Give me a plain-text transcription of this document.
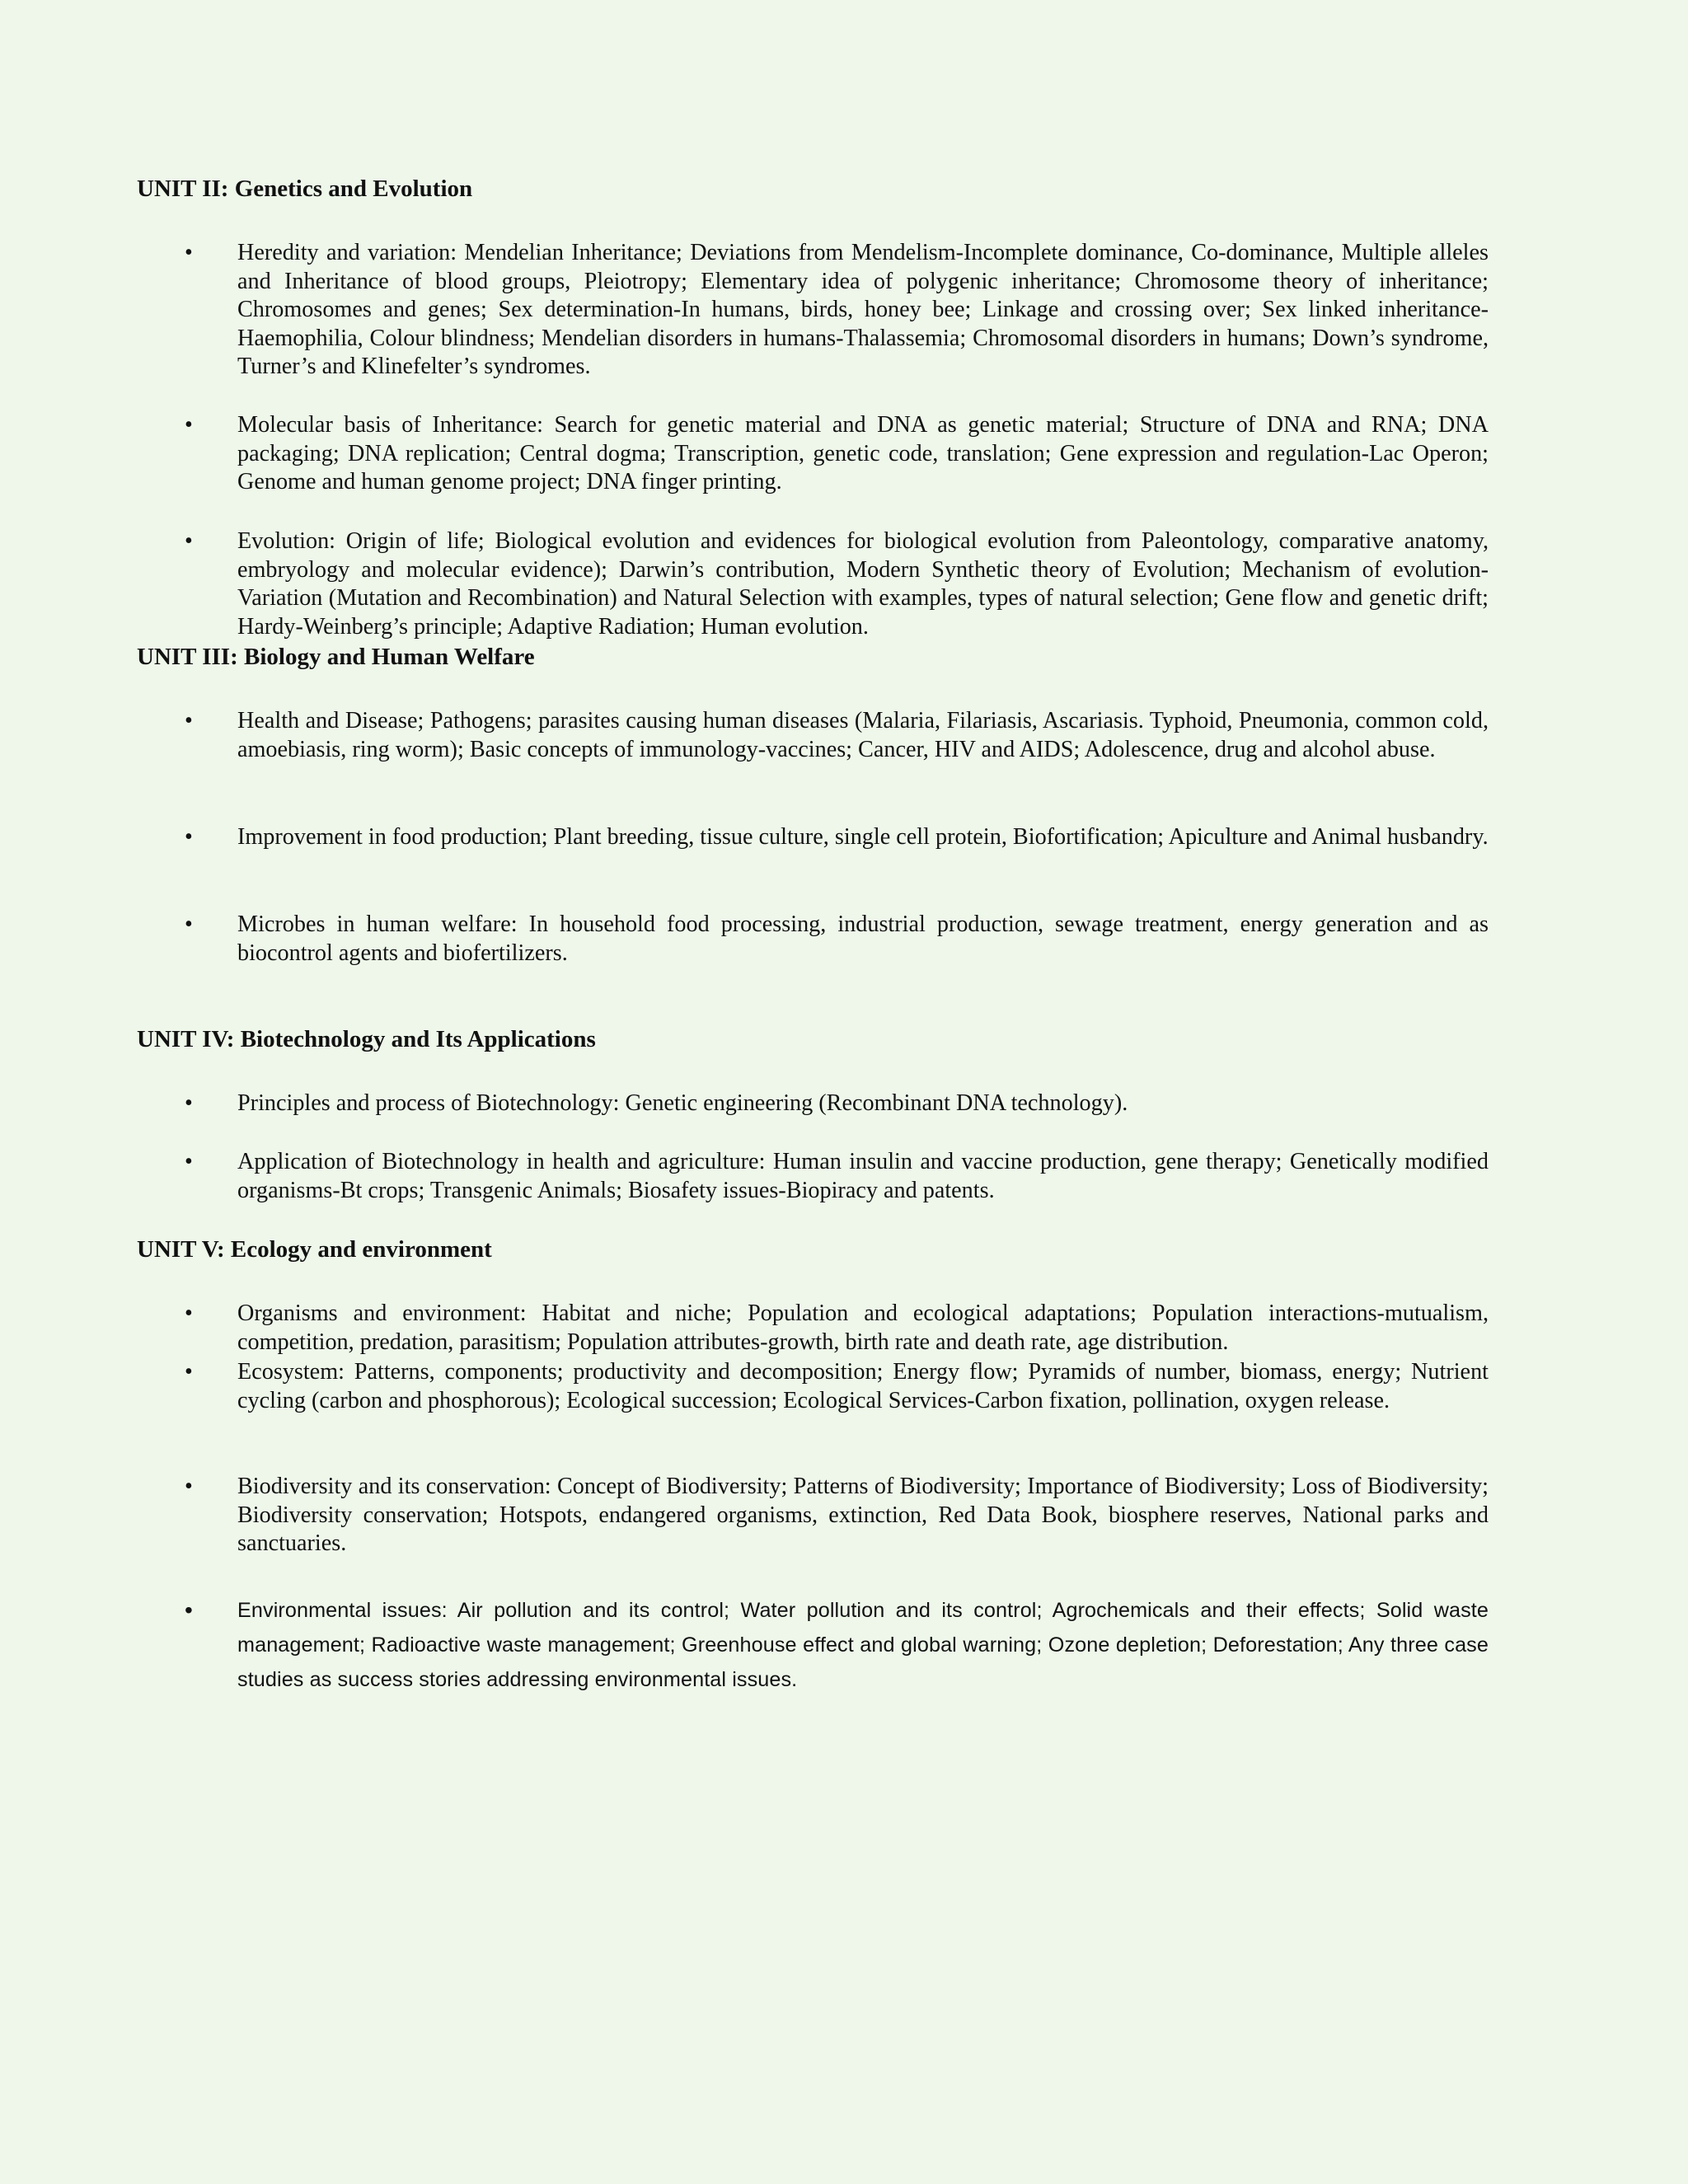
UNIT II: Genetics and Evolution
• Heredity and variation: Mendelian Inheritance; Deviations from Mendelism-Incomplete dominance, Co-dominance, Multiple alleles and Inheritance of blood groups, Pleiotropy; Elementary idea of polygenic inheritance; Chromosome theory of inheritance; Chromosomes and genes; Sex determination-In humans, birds, honey bee; Linkage and crossing over; Sex linked inheritance-Haemophilia, Colour blindness; Mendelian disorders in humans-Thalassemia; Chromosomal disorders in humans; Down’s syndrome, Turner’s and Klinefelter’s syndromes.

• Molecular basis of Inheritance: Search for genetic material and DNA as genetic material; Structure of DNA and RNA; DNA packaging; DNA replication; Central dogma; Transcription, genetic code, translation; Gene expression and regulation-Lac Operon; Genome and human genome project; DNA finger printing.

• Evolution: Origin of life; Biological evolution and evidences for biological evolution from Paleontology, comparative anatomy, embryology and molecular evidence); Darwin’s contribution, Modern Synthetic theory of Evolution; Mechanism of evolution-Variation (Mutation and Recombination) and Natural Selection with examples, types of natural selection; Gene flow and genetic drift; Hardy-Weinberg’s principle; Adaptive Radiation; Human evolution.

UNIT III: Biology and Human Welfare
• Health and Disease; Pathogens; parasites causing human diseases (Malaria, Filariasis, Ascariasis. Typhoid, Pneumonia, common cold, amoebiasis, ring worm); Basic concepts of immunology-vaccines; Cancer, HIV and AIDS; Adolescence, drug and alcohol abuse.

• Improvement in food production; Plant breeding, tissue culture, single cell protein, Biofortification; Apiculture and Animal husbandry.

• Microbes in human welfare: In household food processing, industrial production, sewage treatment, energy generation and as biocontrol agents and biofertilizers.

UNIT IV: Biotechnology and Its Applications
• Principles and process of Biotechnology: Genetic engineering (Recombinant DNA technology).

• Application of Biotechnology in health and agriculture: Human insulin and vaccine production, gene therapy; Genetically modified organisms-Bt crops; Transgenic Animals; Biosafety issues-Biopiracy and patents.

UNIT V: Ecology and environment
• Organisms and environment: Habitat and niche; Population and ecological adaptations; Population interactions-mutualism, competition, predation, parasitism; Population attributes-growth, birth rate and death rate, age distribution.

• Ecosystem: Patterns, components; productivity and decomposition; Energy flow; Pyramids of number, biomass, energy; Nutrient cycling (carbon and phosphorous); Ecological succession; Ecological Services-Carbon fixation, pollination, oxygen release.

• Biodiversity and its conservation: Concept of Biodiversity; Patterns of Biodiversity; Importance of Biodiversity; Loss of Biodiversity; Biodiversity conservation; Hotspots, endangered organisms, extinction, Red Data Book, biosphere reserves, National parks and sanctuaries.

• Environmental issues: Air pollution and its control; Water pollution and its control; Agrochemicals and their effects; Solid waste management; Radioactive waste management; Greenhouse effect and global warning; Ozone depletion; Deforestation; Any three case studies as success stories addressing environmental issues.
